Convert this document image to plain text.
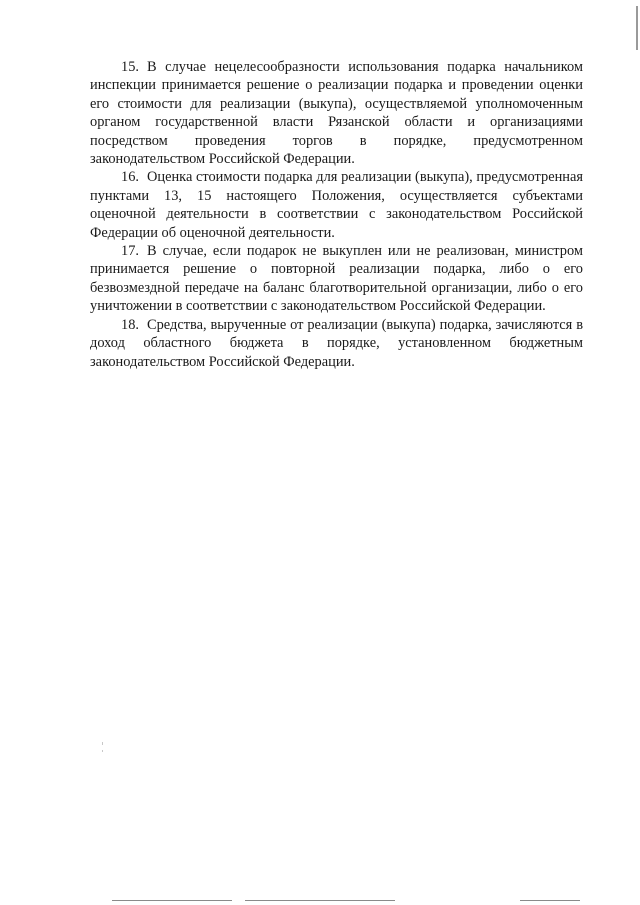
15. В случае нецелесообразности использования подарка начальником инспекции принимается решение о реализации подарка и проведении оценки его стоимости для реализации (выкупа), осуществляемой уполномоченным органом государственной власти Рязанской области и организациями посредством проведения торгов в порядке, предусмотренном законодательством Российской Федерации.

16. Оценка стоимости подарка для реализации (выкупа), предусмотренная пунктами 13, 15 настоящего Положения, осуществляется субъектами оценочной деятельности в соответствии с законодательством Российской Федерации об оценочной деятельности.

17. В случае, если подарок не выкуплен или не реализован, министром принимается решение о повторной реализации подарка, либо о его безвозмездной передаче на баланс благотворительной организации, либо о его уничтожении в соответствии с законодательством Российской Федерации.

18. Средства, вырученные от реализации (выкупа) подарка, зачисляются в доход областного бюджета в порядке, установленном бюджетным законодательством Российской Федерации.
